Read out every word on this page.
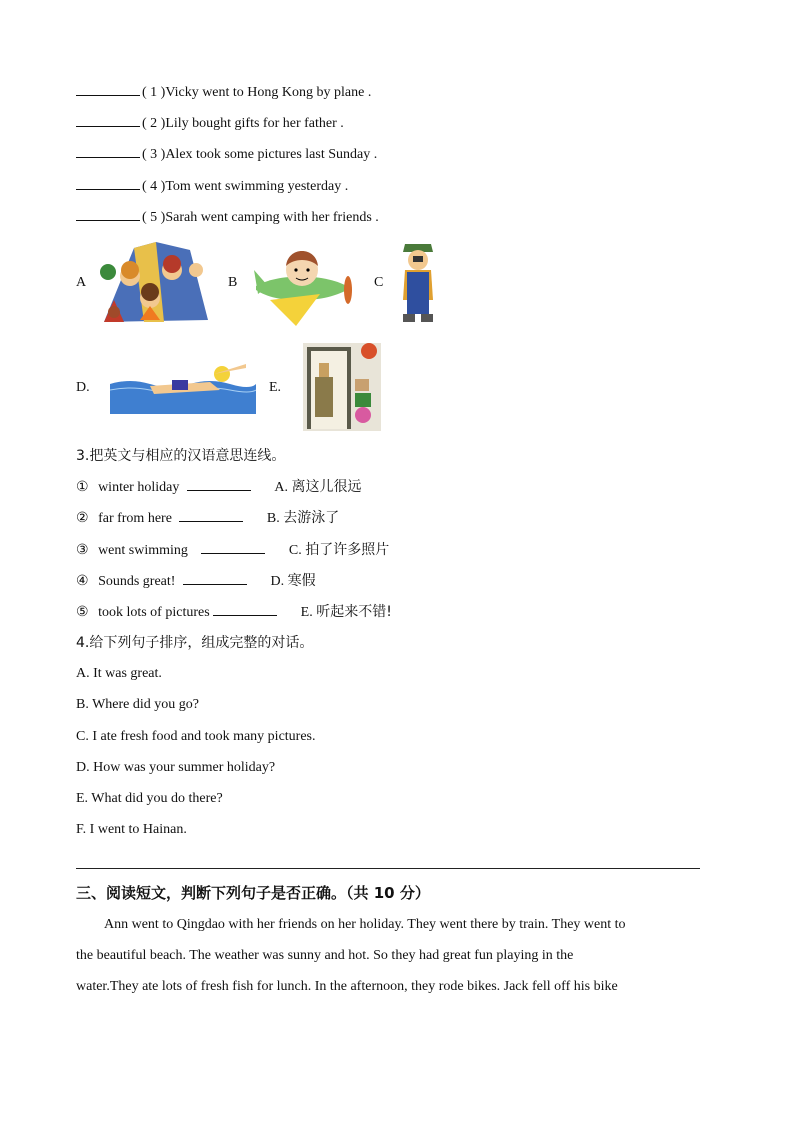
( 1 )Vicky went to Hong Kong by plane .
( 2 )Lily bought gifts for her father .
( 3 )Alex took some pictures last Sunday .
( 4 )Tom went swimming yesterday .
( 5 )Sarah went camping with her friends .
A	B	C
D.	E.
3.把英文与相应的汉语意思连线。
① winter holiday	A. 离这儿很远
② far from here	B. 去游泳了
③ went swimming	C. 拍了许多照片
④ Sounds great!	D. 寒假
⑤ took lots of pictures	E. 听起来不错!
4.给下列句子排序，组成完整的对话。
A. It was great.
B. Where did you go?
C. I ate fresh food and took many pictures.
D. How was your summer holiday?
E. What did you do there?
F. I went to Hainan.
三、阅读短文，判断下列句子是否正确。（共 10 分）

Ann went to Qingdao with her friends on her holiday. They went there by train. They went to

the beautiful beach. The weather was sunny and hot. So they had great fun playing in the

water.They ate lots of fresh fish for lunch. In the afternoon, they rode bikes. Jack fell off his bike
